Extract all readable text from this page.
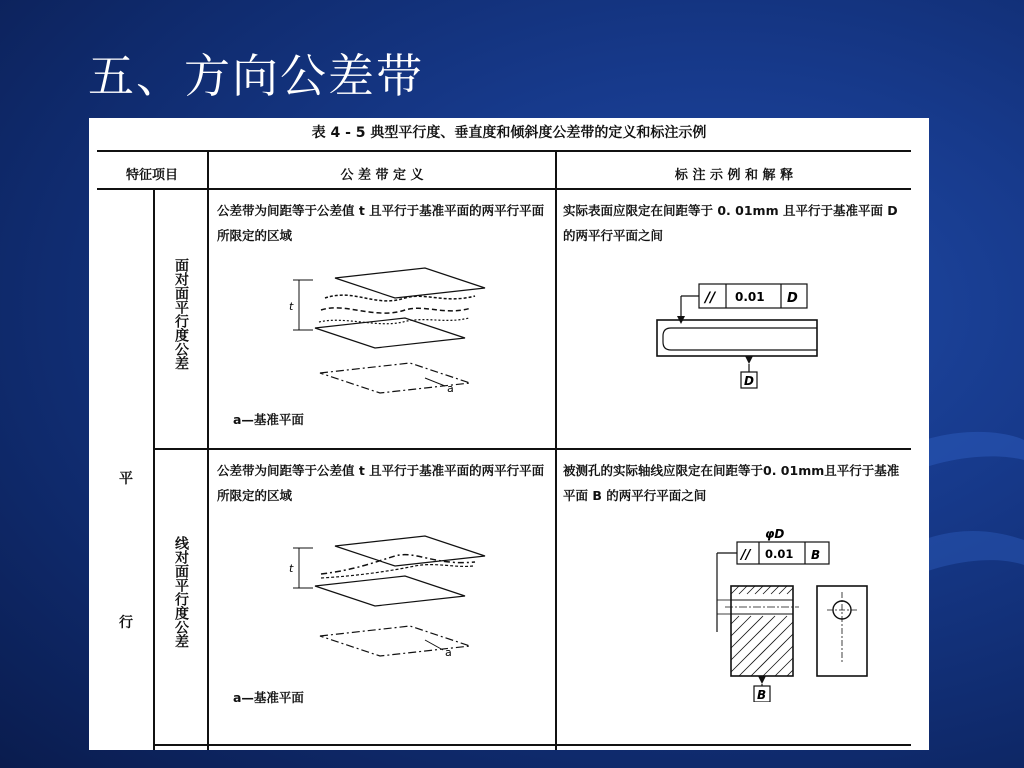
五、方向公差带
表 4 - 5 典型平行度、垂直度和倾斜度公差带的定义和标注示例
特征项目	公 差 带 定 义	标 注 示 例 和 解 释
平
行
面对面平行度公差
线对面平行度公差
公差带为间距等于公差值 t 且平行于基准平面的两平行平面所限定的区域
t
a
a—基准平面
实际表面应限定在间距等于 0. 01mm 且平行于基准平面 D 的两平行平面之间
// 0.01 D
D
公差带为间距等于公差值 t 且平行于基准平面的两平行平面所限定的区域
t
a
a—基准平面
被测孔的实际轴线应限定在间距等于0. 01mm且平行于基准平面 B 的两平行平面之间
φD
// 0.01 B
B
